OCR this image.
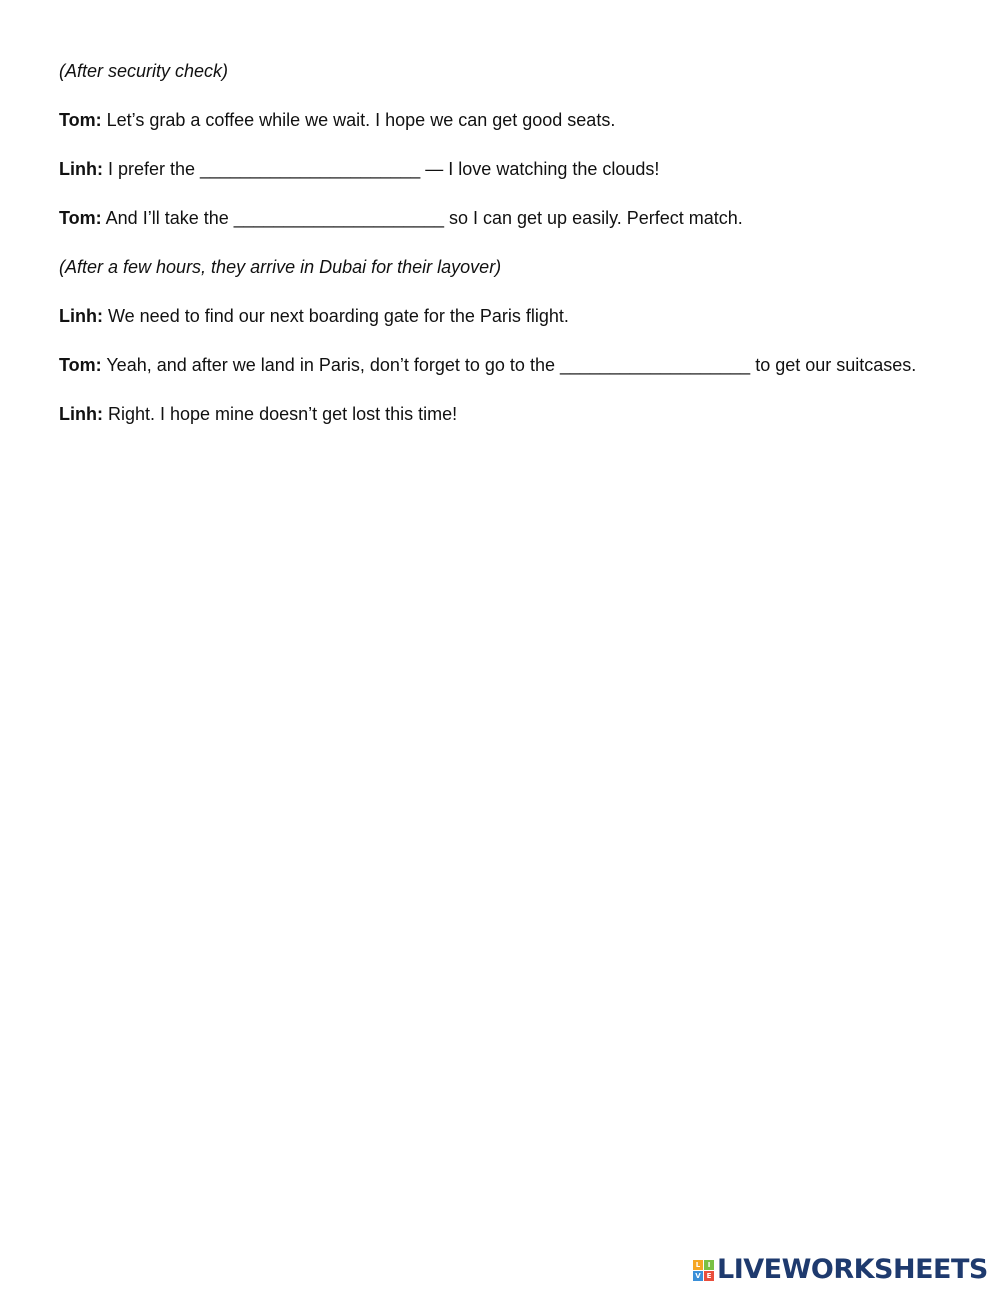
(After security check)

Tom: Let’s grab a coffee while we wait. I hope we can get good seats.

Linh: I prefer the ______________________ — I love watching the clouds!

Tom: And I’ll take the _____________________ so I can get up easily. Perfect match.

(After a few hours, they arrive in Dubai for their layover)

Linh: We need to find our next boarding gate for the Paris flight.

Tom: Yeah, and after we land in Paris, don’t forget to go to the ___________________ to get our suitcases.

Linh: Right. I hope mine doesn’t get lost this time!

L	I
V E LIVEWORKSHEETS
